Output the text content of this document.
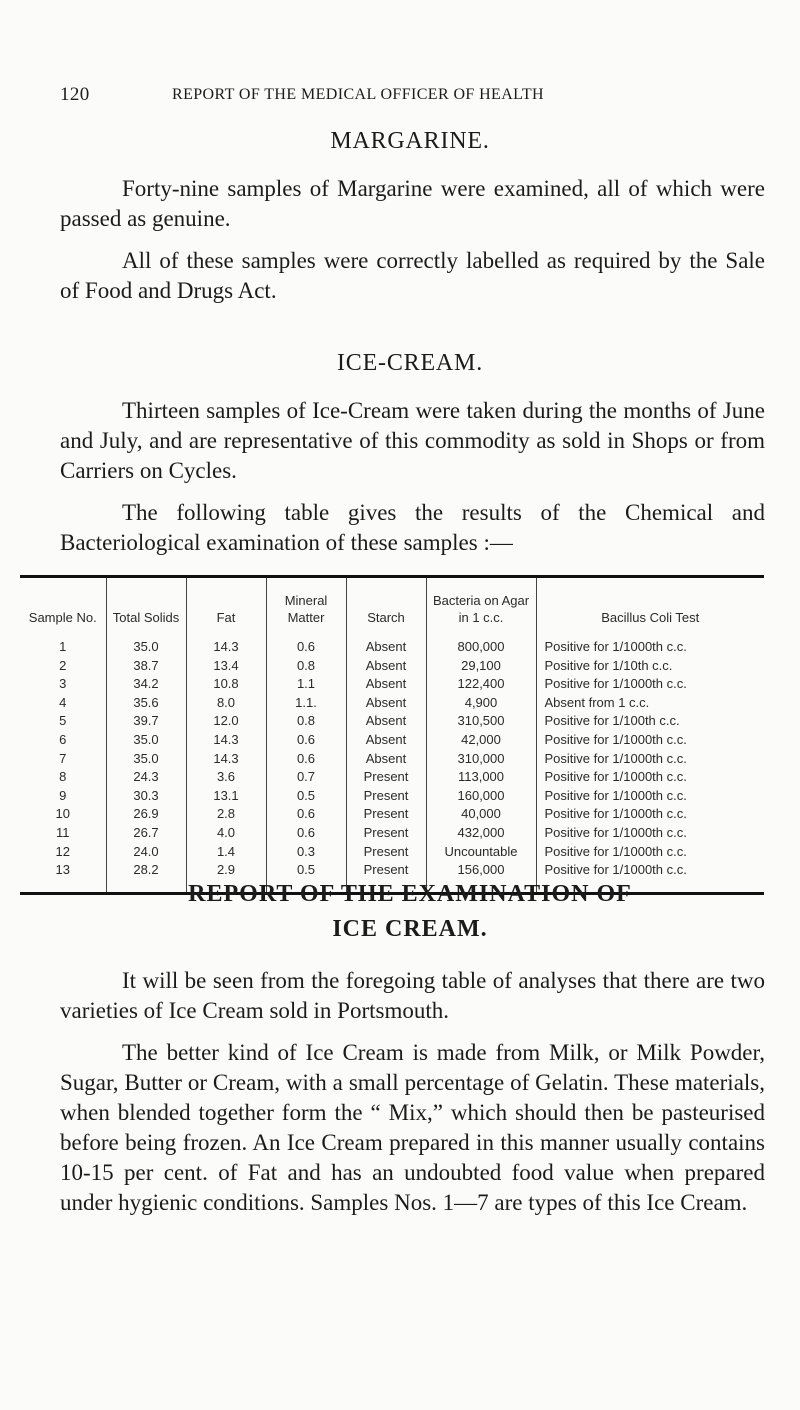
120	REPORT OF THE MEDICAL OFFICER OF HEALTH
MARGARINE.

Forty-nine samples of Margarine were examined, all of which were passed as genuine.

All of these samples were correctly labelled as required by the Sale of Food and Drugs Act.

ICE-CREAM.

Thirteen samples of Ice-Cream were taken during the months of June and July, and are representative of this commodity as sold in Shops or from Carriers on Cycles.

The following table gives the results of the Chemical and Bacteriological examination of these samples :—

Sample No.	Total Solids	Fat	Mineral Matter	Starch	Bacteria on Agar in 1 c.c.	Bacillus Coli Test
1	35.0	14.3	0.6	Absent	800,000	Positive for 1/1000th c.c.
2	38.7	13.4	0.8	Absent	29,100	Positive for 1/10th c.c.
3	34.2	10.8	1.1	Absent	122,400	Positive for 1/1000th c.c.
4	35.6	8.0	1.1.	Absent	4,900	Absent from 1 c.c.
5	39.7	12.0	0.8	Absent	310,500	Positive for 1/100th c.c.
6	35.0	14.3	0.6	Absent	42,000	Positive for 1/1000th c.c.
7	35.0	14.3	0.6	Absent	310,000	Positive for 1/1000th c.c.
8	24.3	3.6	0.7	Present	113,000	Positive for 1/1000th c.c.
9	30.3	13.1	0.5	Present	160,000	Positive for 1/1000th c.c.
10	26.9	2.8	0.6	Present	40,000	Positive for 1/1000th c.c.
11	26.7	4.0	0.6	Present	432,000	Positive for 1/1000th c.c.
12	24.0	1.4	0.3	Present	Uncountable	Positive for 1/1000th c.c.
13	28.2	2.9	0.5	Present	156,000	Positive for 1/1000th c.c.
REPORT OF THE EXAMINATION OF
ICE CREAM.

It will be seen from the foregoing table of analyses that there are two varieties of Ice Cream sold in Portsmouth.

The better kind of Ice Cream is made from Milk, or Milk Powder, Sugar, Butter or Cream, with a small percentage of Gelatin. These materials, when blended together form the “ Mix,” which should then be pasteurised before being frozen. An Ice Cream prepared in this manner usually contains 10-15 per cent. of Fat and has an undoubted food value when prepared under hygienic conditions. Samples Nos. 1—7 are types of this Ice Cream.
